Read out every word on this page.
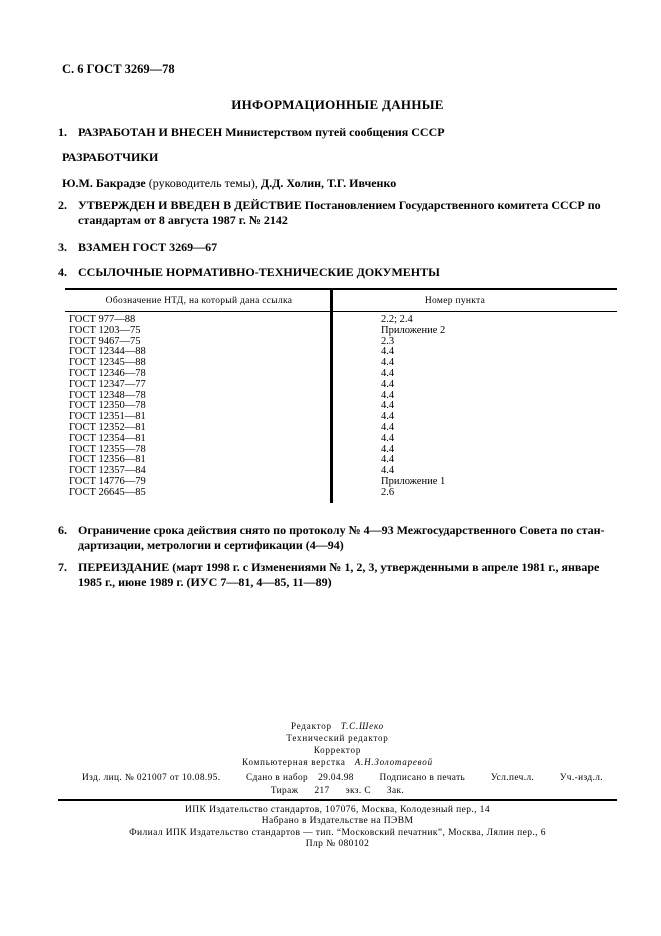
С. 6 ГОСТ 3269—78
ИНФОРМАЦИОННЫЕ ДАННЫЕ
1. РАЗРАБОТАН И ВНЕСЕН Министерством путей сообщения СССР
РАЗРАБОТЧИКИ
Ю.М. Бакрадзе (руководитель темы), Д.Д. Холин, Т.Г. Ивченко
2. УТВЕРЖДЕН И ВВЕДЕН В ДЕЙСТВИЕ Постановлением Государственного комитета СССР по
стандартам от 8 августа 1987 г. № 2142
3. ВЗАМЕН ГОСТ 3269—67
4. ССЫЛОЧНЫЕ НОРМАТИВНО-ТЕХНИЧЕСКИЕ ДОКУМЕНТЫ
Обозначение НТД, на который дана ссылка	Номер пункта
ГОСТ 977—88	2.2; 2.4
ГОСТ 1203—75	Приложение 2
ГОСТ 9467—75	2.3
ГОСТ 12344—88	4.4
ГОСТ 12345—88	4.4
ГОСТ 12346—78	4.4
ГОСТ 12347—77	4.4
ГОСТ 12348—78	4.4
ГОСТ 12350—78	4.4
ГОСТ 12351—81	4.4
ГОСТ 12352—81	4.4
ГОСТ 12354—81	4.4
ГОСТ 12355—78	4.4
ГОСТ 12356—81	4.4
ГОСТ 12357—84	4.4
ГОСТ 14776—79	Приложение 1
ГОСТ 26645—85	2.6
6. Ограничение срока действия снято по протоколу № 4—93 Межгосударственного Совета по стан-
дартизации, метрологии и сертификации (4—94)
7. ПЕРЕИЗДАНИЕ (март 1998 г. с Изменениями № 1, 2, 3, утвержденными в апреле 1981 г., январе
1985 г., июне 1989 г. (ИУС 7—81, 4—85, 11—89)
Редактор Т.С.Шеко
Технический редактор
Корректор
Компьютерная верстка А.Н.Золотаревой
Изд. лиц. № 021007 от 10.08.95.	Сдано в набор 29.04.98	Подписано в печать	Усл.печ.л.	Уч.-изд.л.
Тираж 217 экз. С Зак.
ИПК Издательство стандартов, 107076, Москва, Колодезный пер., 14
Набрано в Издательстве на ПЭВМ
Филиал ИПК Издательство стандартов — тип. “Московский печатник”, Москва, Лялин пер., 6
Плр № 080102
